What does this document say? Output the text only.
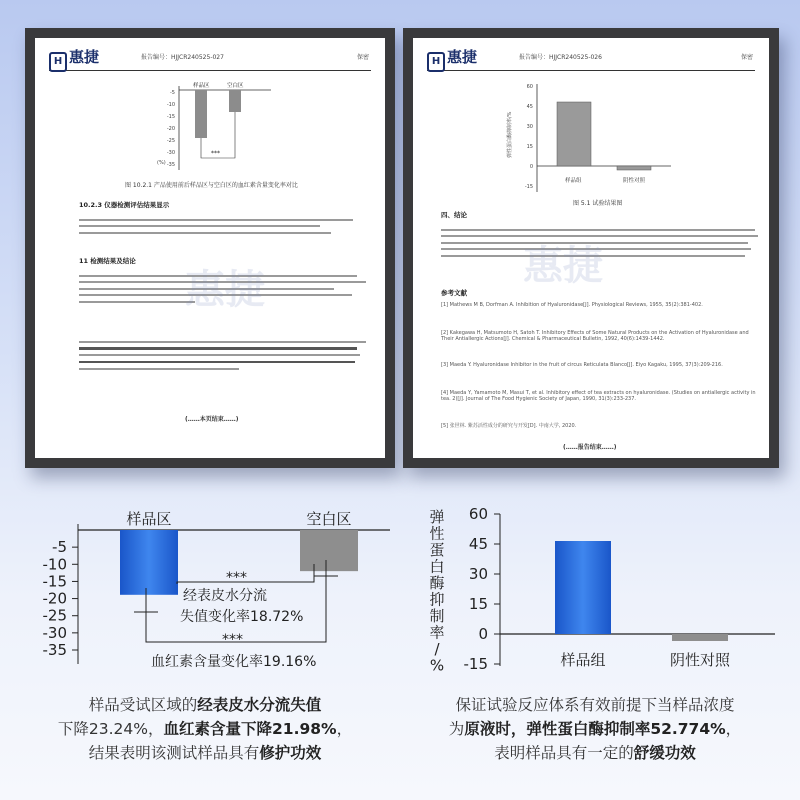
H 惠捷	报告编号：HJJCR240525-027	保密
-5
-10
-15
-20
-25
-30
-35
(%)
样品区	空白区
***
图 10.2.1 产品使用前后样品区与空白区的血红素含量变化率对比
10.2.3 仪器检测评估结果显示
11 检测结果及结论
惠捷
(……本页结束……)
H 惠捷	报告编号：HJJCR240525-026	保密
60
45
30
15
0
-15
弹性蛋白酶抑制率/%
样品组	阴性对照
图 5.1 试验结果图
四、结论
参考文献
[1] Mathews M B, Dorfman A. Inhibition of Hyaluronidase[J]. Physiological Reviews, 1955, 35(2):381-402.
[2] Kakegawa H, Matsumoto H, Satoh T. Inhibitory Effects of Some Natural Products on the Activation of Hyaluronidase and Their Antiallergic Actions[J]. Chemical & Pharmaceutical Bulletin, 1992, 40(6):1439-1442.
[3] Maeda Y. Hyaluronidase Inhibitor in the fruit of circus Reticulata Blanco[J]. Eiyo Kagaku, 1995, 37(3):209-216.
[4] Maeda Y, Yamamoto M, Masui T, et al. Inhibitory effect of tea extracts on hyaluronidase. (Studies on antiallergic activity in tea. 2)[J]. Journal of The Food Hygienic Society of Japan, 1990, 31(3):233-237.
[5] 张世林. 紫苏活性成分的研究与开发[D]. 中南大学, 2020.
惠捷
(……报告结束……)
-5
-10
-15
-20
-25
-30
-35
样品区	空白区
***
经表皮水分流
失值变化率18.72%
***
血红素含量变化率19.16%
弹性蛋白酶抑制率/ %
60
45
30
15
0
-15	样品组	阴性对照
样品受试区域的经表皮水分流失值
下降23.24%，血红素含量下降21.98%，
结果表明该测试样品具有修护功效
保证试验反应体系有效前提下当样品浓度
为原液时，弹性蛋白酶抑制率52.774%，
表明样品具有一定的舒缓功效
